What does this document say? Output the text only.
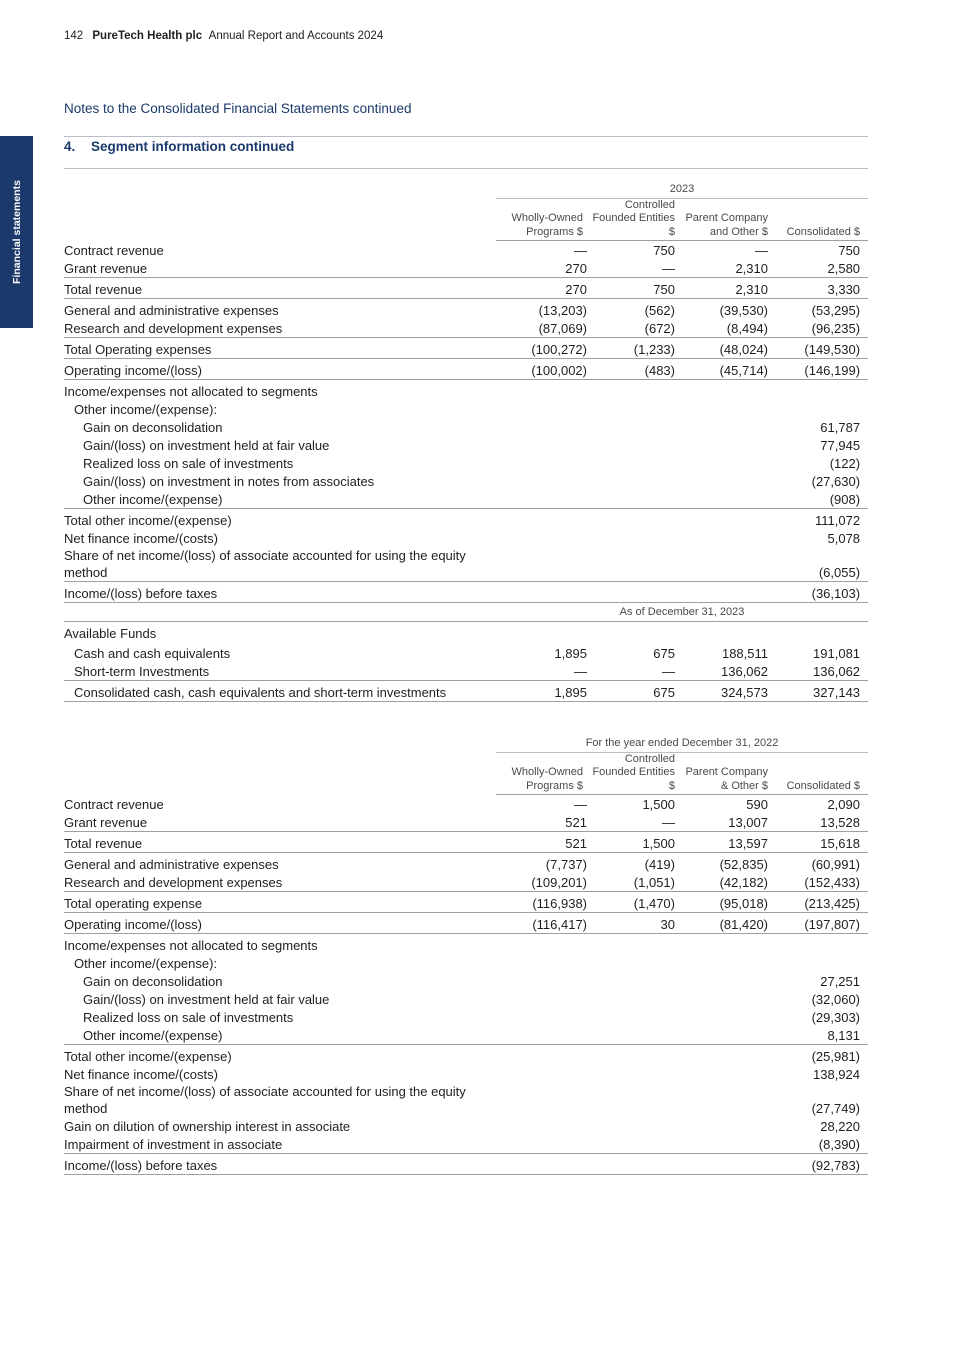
142 PureTech Health plc Annual Report and Accounts 2024
Financial statements
Notes to the Consolidated Financial Statements continued
4. Segment information continued
	2023			
	Wholly-Owned Programs $	Controlled Founded Entities $	Parent Company and Other $	Consolidated $
Contract revenue	—	750	—	750
Grant revenue	270	—	2,310	2,580
Total revenue	270	750	2,310	3,330
General and administrative expenses	(13,203)	(562)	(39,530)	(53,295)
Research and development expenses	(87,069)	(672)	(8,494)	(96,235)
Total Operating expenses	(100,272)	(1,233)	(48,024)	(149,530)
Operating income/(loss)	(100,002)	(483)	(45,714)	(146,199)
Income/expenses not allocated to segments				
Other income/(expense):				
Gain on deconsolidation				61,787
Gain/(loss) on investment held at fair value				77,945
Realized loss on sale of investments				(122)
Gain/(loss) on investment in notes from associates				(27,630)
Other income/(expense)				(908)
Total other income/(expense)				111,072
Net finance income/(costs)				5,078
Share of net income/(loss) of associate accounted for using the equity method				(6,055)
Income/(loss) before taxes				(36,103)
	As of December 31, 2023			
Available Funds				
Cash and cash equivalents	1,895	675	188,511	191,081
Short-term Investments	—	—	136,062	136,062
Consolidated cash, cash equivalents and short-term investments	1,895	675	324,573	327,143
	For the year ended December 31, 2022			
	Wholly-Owned Programs $	Controlled Founded Entities $	Parent Company & Other $	Consolidated $
Contract revenue	—	1,500	590	2,090
Grant revenue	521	—	13,007	13,528
Total revenue	521	1,500	13,597	15,618
General and administrative expenses	(7,737)	(419)	(52,835)	(60,991)
Research and development expenses	(109,201)	(1,051)	(42,182)	(152,433)
Total operating expense	(116,938)	(1,470)	(95,018)	(213,425)
Operating income/(loss)	(116,417)	30	(81,420)	(197,807)
Income/expenses not allocated to segments				
Other income/(expense):				
Gain on deconsolidation				27,251
Gain/(loss) on investment held at fair value				(32,060)
Realized loss on sale of investments				(29,303)
Other income/(expense)				8,131
Total other income/(expense)				(25,981)
Net finance income/(costs)				138,924
Share of net income/(loss) of associate accounted for using the equity method				(27,749)
Gain on dilution of ownership interest in associate				28,220
Impairment of investment in associate				(8,390)
Income/(loss) before taxes				(92,783)
